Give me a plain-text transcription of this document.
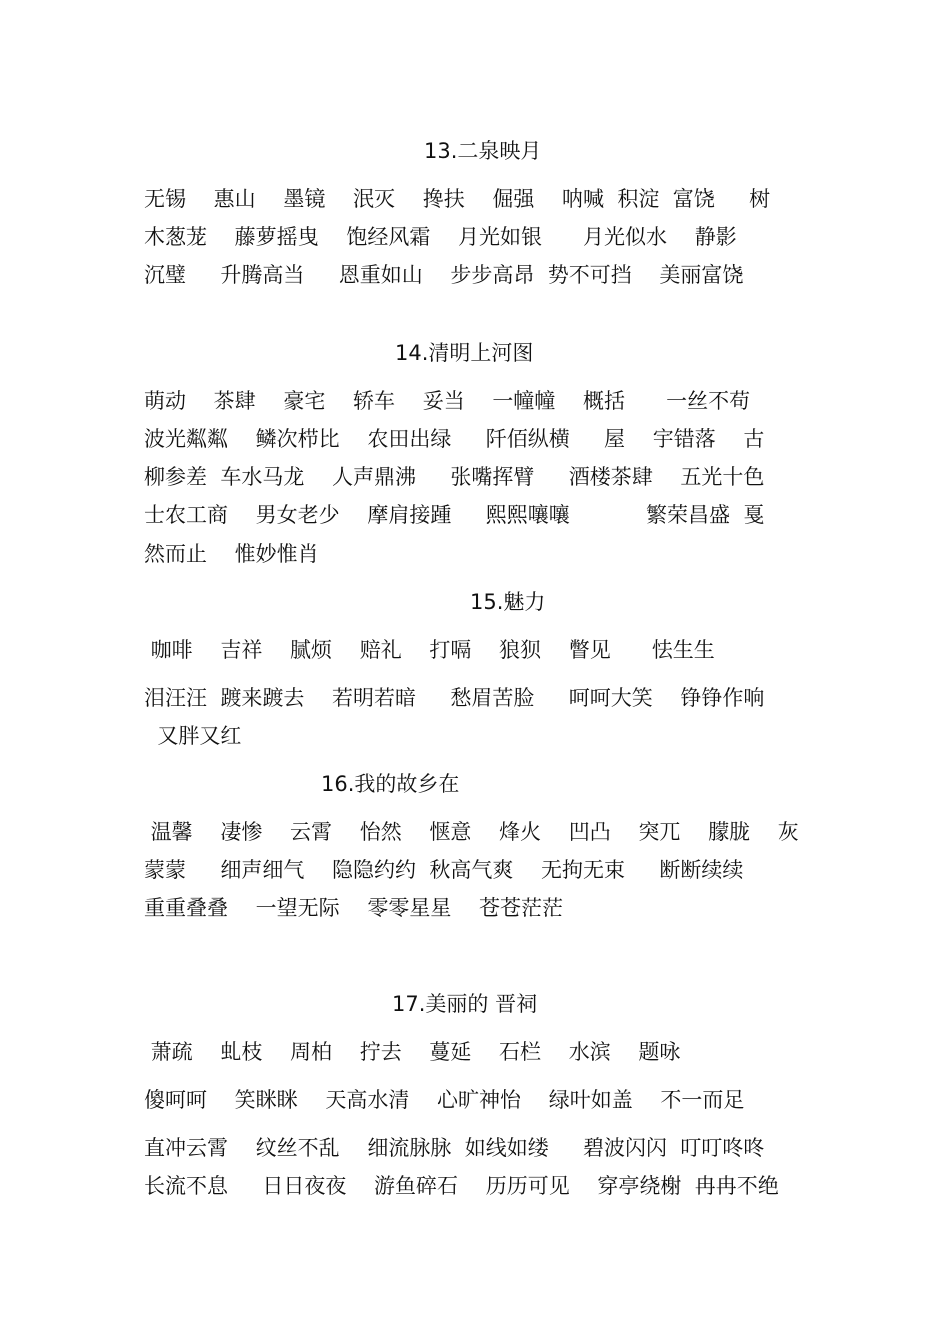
13.二泉映月

无锡　 惠山 　墨镜 　泯灭 　搀扶 　倔强 　呐喊  积淀  富饶 　 树

木葱茏 　藤萝摇曳 　饱经风霜 　月光如银  　 月光似水 　静影

沉璧  　升腾高当　  恩重如山 　步步高昂  势不可挡 　美丽富饶

14.清明上河图

萌动 　茶肆 　豪宅 　轿车 　妥当 　一幢幢 　概括 　  一丝不苟

波光粼粼 　鳞次栉比 　农田出绿  　阡佰纵横 　 屋 　宇错落 　古

柳参差  车水马龙 　人声鼎沸 　 张嘴挥臂  　酒楼茶肆 　五光十色

士农工商 　男女老少 　摩肩接踵  　熙熙嚷嚷 　　 　繁荣昌盛  戛

然而止 　惟妙惟肖

15.魅力

咖啡 　吉祥 　腻烦 　赔礼 　打嗝 　狼狈 　瞥见 　  怯生生

泪汪汪  踱来踱去 　若明若暗 　 愁眉苦脸  　呵呵大笑 　铮铮作响

又胖又红

16.我的故乡在

温馨 　凄惨 　云霄 　怡然 　惬意 　烽火 　凹凸 　突兀 　朦胧 　灰

蒙蒙  　细声细气 　隐隐约约  秋高气爽 　无拘无束  　断断续续

重重叠叠 　一望无际 　零零星星 　苍苍茫茫

17.美丽的 晋祠

萧疏 　虬枝 　周柏 　拧去 　蔓延 　石栏 　水滨 　题咏

傻呵呵 　笑眯眯 　天高水清 　心旷神怡 　绿叶如盖 　不一而足

直冲云霄 　纹丝不乱 　细流脉脉  如线如缕  　碧波闪闪  叮叮咚咚

长流不息  　日日夜夜 　游鱼碎石 　历历可见 　穿亭绕榭  冉冉不绝
